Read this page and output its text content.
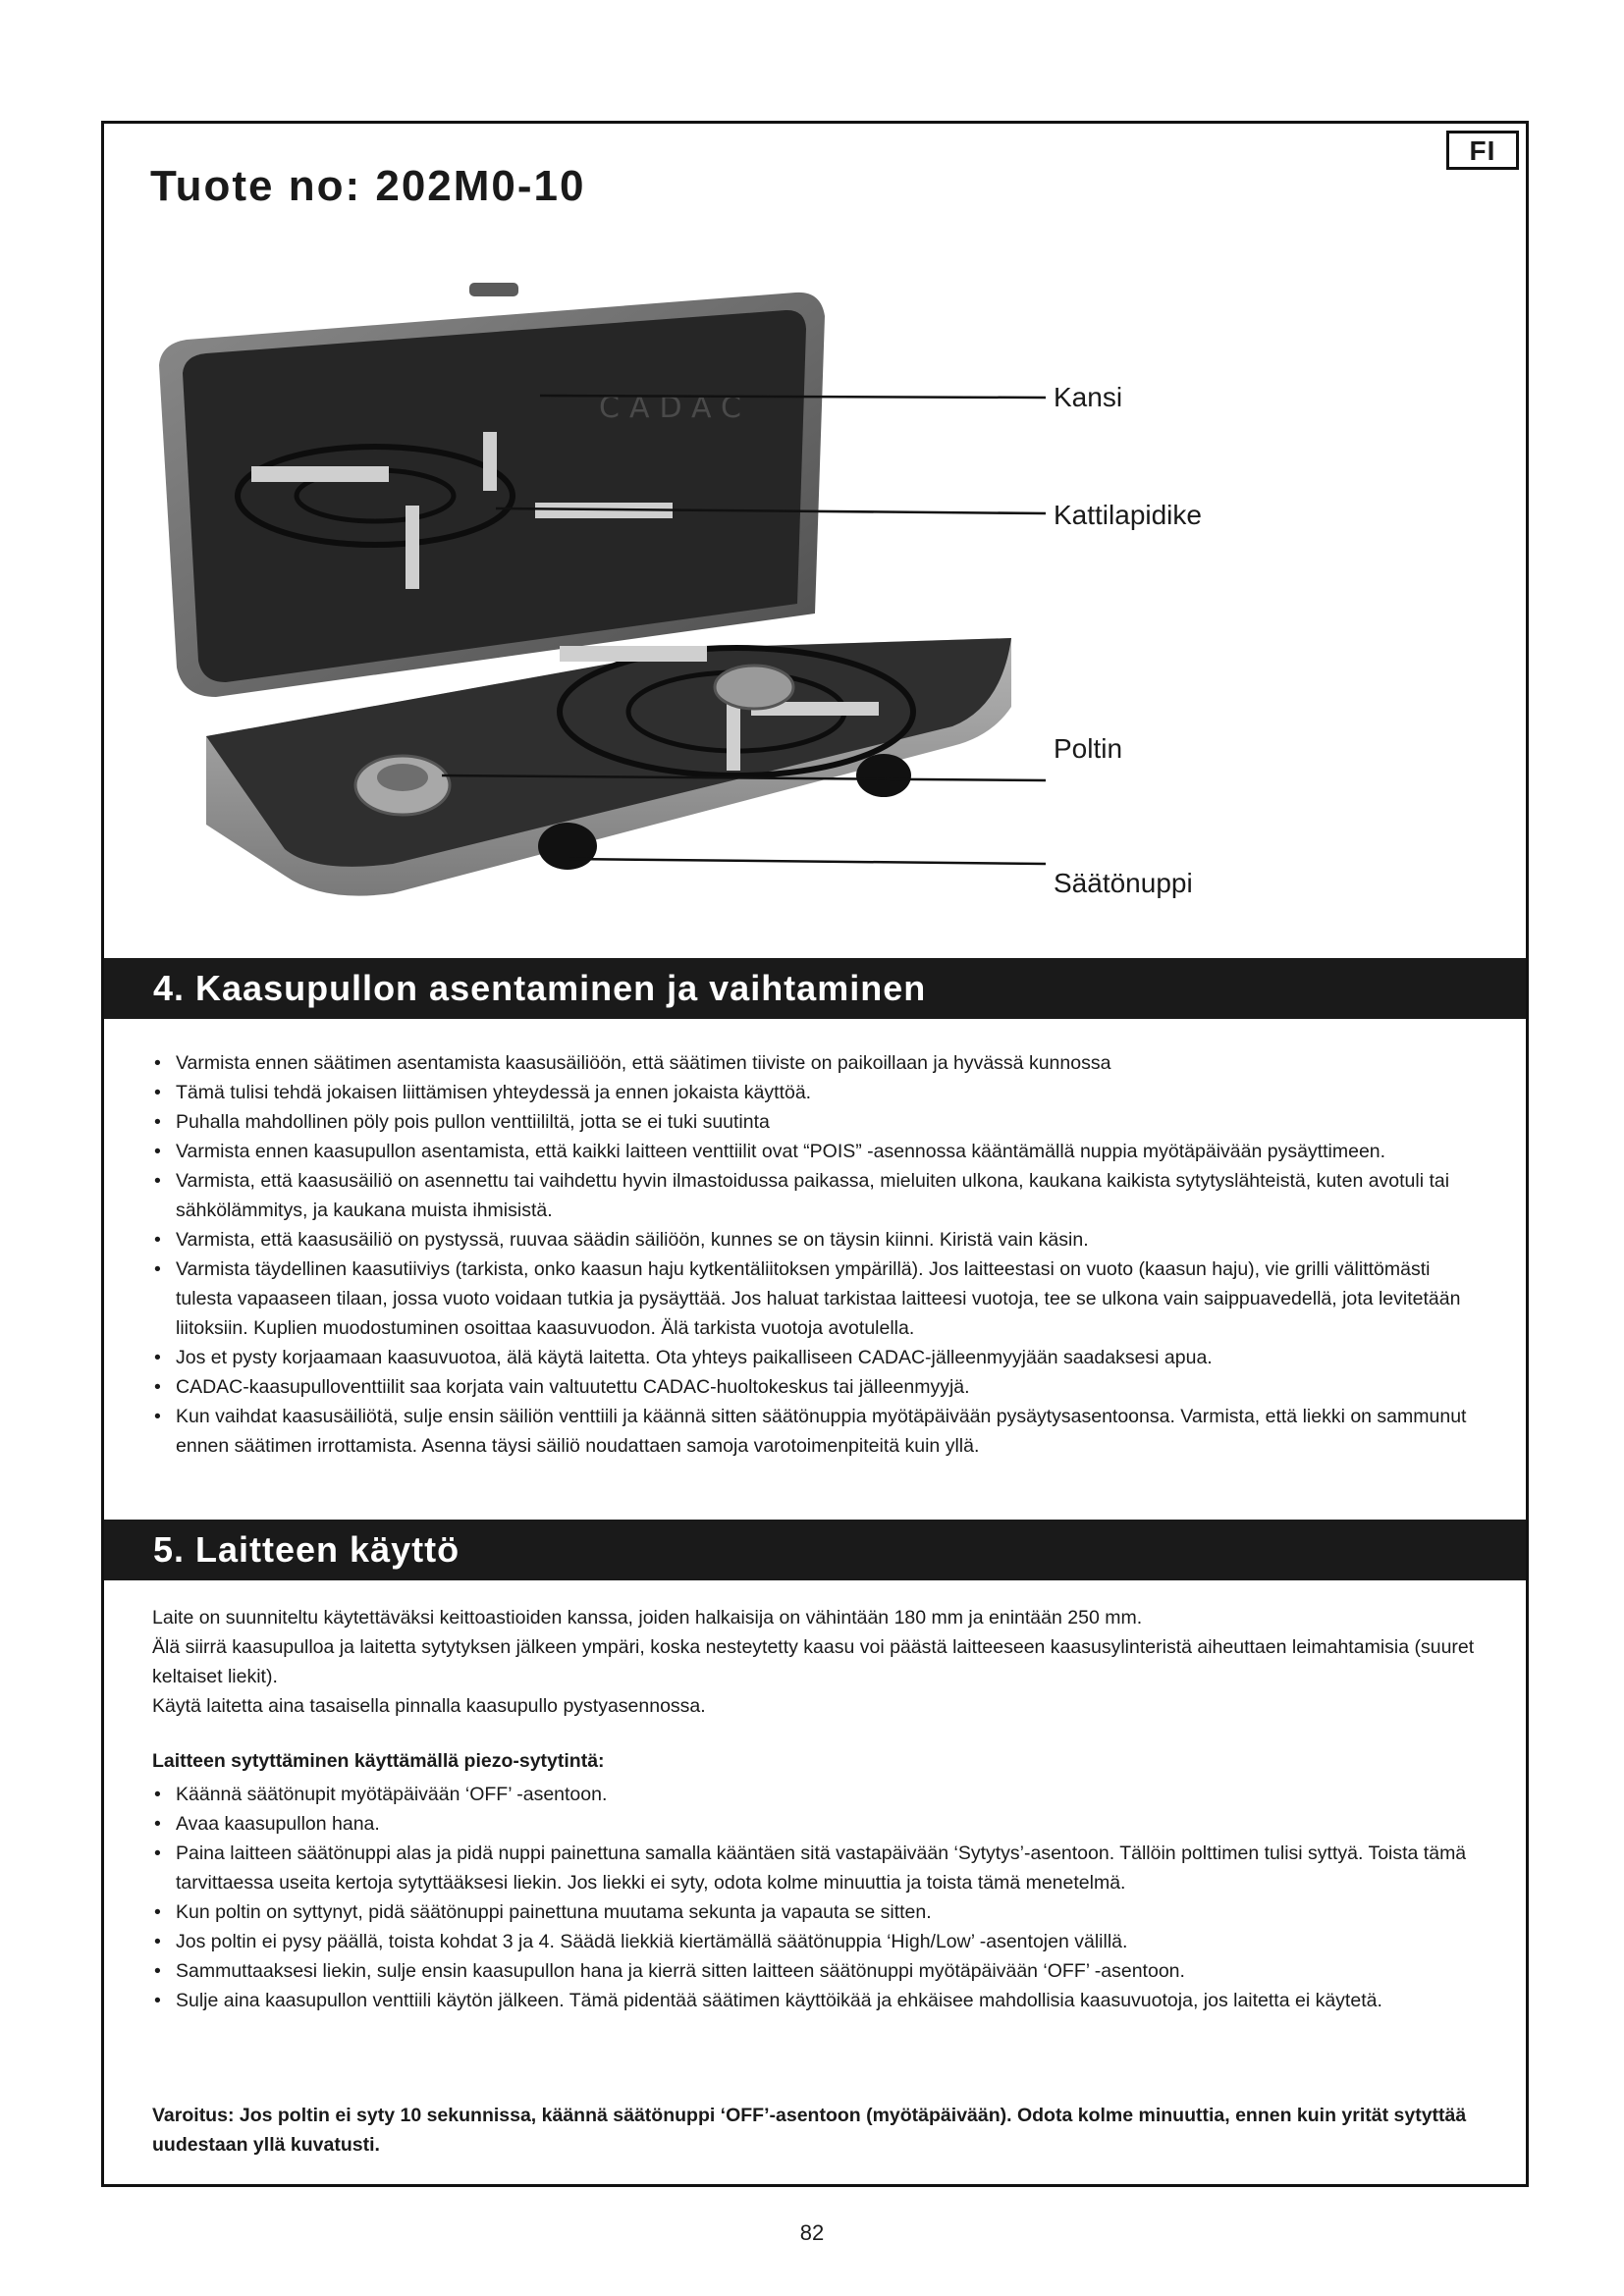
FI
Tuote no: 202M0-10
CADAC	Kansi
Kattilapidike
Poltin
Säätönuppi
4. Kaasupullon asentaminen ja vaihtaminen
• Varmista ennen säätimen asentamista kaasusäiliöön, että säätimen tiiviste on paikoillaan ja hyvässä kunnossa
• Tämä tulisi tehdä jokaisen liittämisen yhteydessä ja ennen jokaista käyttöä.
• Puhalla mahdollinen pöly pois pullon venttiililtä, jotta se ei tuki suutinta
• Varmista ennen kaasupullon asentamista, että kaikki laitteen venttiilit ovat “POIS” -asennossa kääntämällä nuppia myötäpäivään pysäyttimeen.
• Varmista, että kaasusäiliö on asennettu tai vaihdettu hyvin ilmastoidussa paikassa, mieluiten ulkona, kaukana kaikista sytytyslähteistä, kuten avotuli tai sähkölämmitys, ja kaukana muista ihmisistä.
• Varmista, että kaasusäiliö on pystyssä, ruuvaa säädin säiliöön, kunnes se on täysin kiinni. Kiristä vain käsin.
• Varmista täydellinen kaasutiiviys (tarkista, onko kaasun haju kytkentäliitoksen ympärillä). Jos laitteestasi on vuoto (kaasun haju), vie grilli välittömästi tulesta vapaaseen tilaan, jossa vuoto voidaan tutkia ja pysäyttää. Jos haluat tarkistaa laitteesi vuotoja, tee se ulkona vain saippuavedellä, jota levitetään liitoksiin. Kuplien muodostuminen osoittaa kaasuvuodon. Älä tarkista vuotoja avotulella.
• Jos et pysty korjaamaan kaasuvuotoa, älä käytä laitetta. Ota yhteys paikalliseen CADAC-jälleenmyyjään saadaksesi apua.
• CADAC-kaasupulloventtiilit saa korjata vain valtuutettu CADAC-huoltokeskus tai jälleenmyyjä.
• Kun vaihdat kaasusäiliötä, sulje ensin säiliön venttiili ja käännä sitten säätönuppia myötäpäivään pysäytysasentoonsa. Varmista, että liekki on sammunut ennen säätimen irrottamista. Asenna täysi säiliö noudattaen samoja varotoimenpiteitä kuin yllä.
5. Laitteen käyttö

Laite on suunniteltu käytettäväksi keittoastioiden kanssa, joiden halkaisija on vähintään 180 mm ja enintään 250 mm.

Älä siirrä kaasupulloa ja laitetta sytytyksen jälkeen ympäri, koska nesteytetty kaasu voi päästä laitteeseen kaasusylinteristä aiheuttaen leimahtamisia (suuret keltaiset liekit).

Käytä laitetta aina tasaisella pinnalla kaasupullo pystyasennossa.

Laitteen sytyttäminen käyttämällä piezo-sytytintä:
• Käännä säätönupit myötäpäivään ‘OFF’ -asentoon.
• Avaa kaasupullon hana.
• Paina laitteen säätönuppi alas ja pidä nuppi painettuna samalla kääntäen sitä vastapäivään ‘Sytytys’-asentoon. Tällöin polttimen tulisi syttyä. Toista tämä tarvittaessa useita kertoja sytyttääksesi liekin. Jos liekki ei syty, odota kolme minuuttia ja toista tämä menetelmä.
• Kun poltin on syttynyt, pidä säätönuppi painettuna muutama sekunta ja vapauta se sitten.
• Jos poltin ei pysy päällä, toista kohdat 3 ja 4. Säädä liekkiä kiertämällä säätönuppia ‘High/Low’ -asentojen välillä.
• Sammuttaaksesi liekin, sulje ensin kaasupullon hana ja kierrä sitten laitteen säätönuppi myötäpäivään ‘OFF’ -asentoon.
• Sulje aina kaasupullon venttiili käytön jälkeen. Tämä pidentää säätimen käyttöikää ja ehkäisee mahdollisia kaasuvuotoja, jos laitetta ei käytetä.
Varoitus: Jos poltin ei syty 10 sekunnissa, käännä säätönuppi ‘OFF’-asentoon (myötäpäivään). Odota kolme minuuttia, ennen kuin yrität sytyttää uudestaan yllä kuvatusti.
82
